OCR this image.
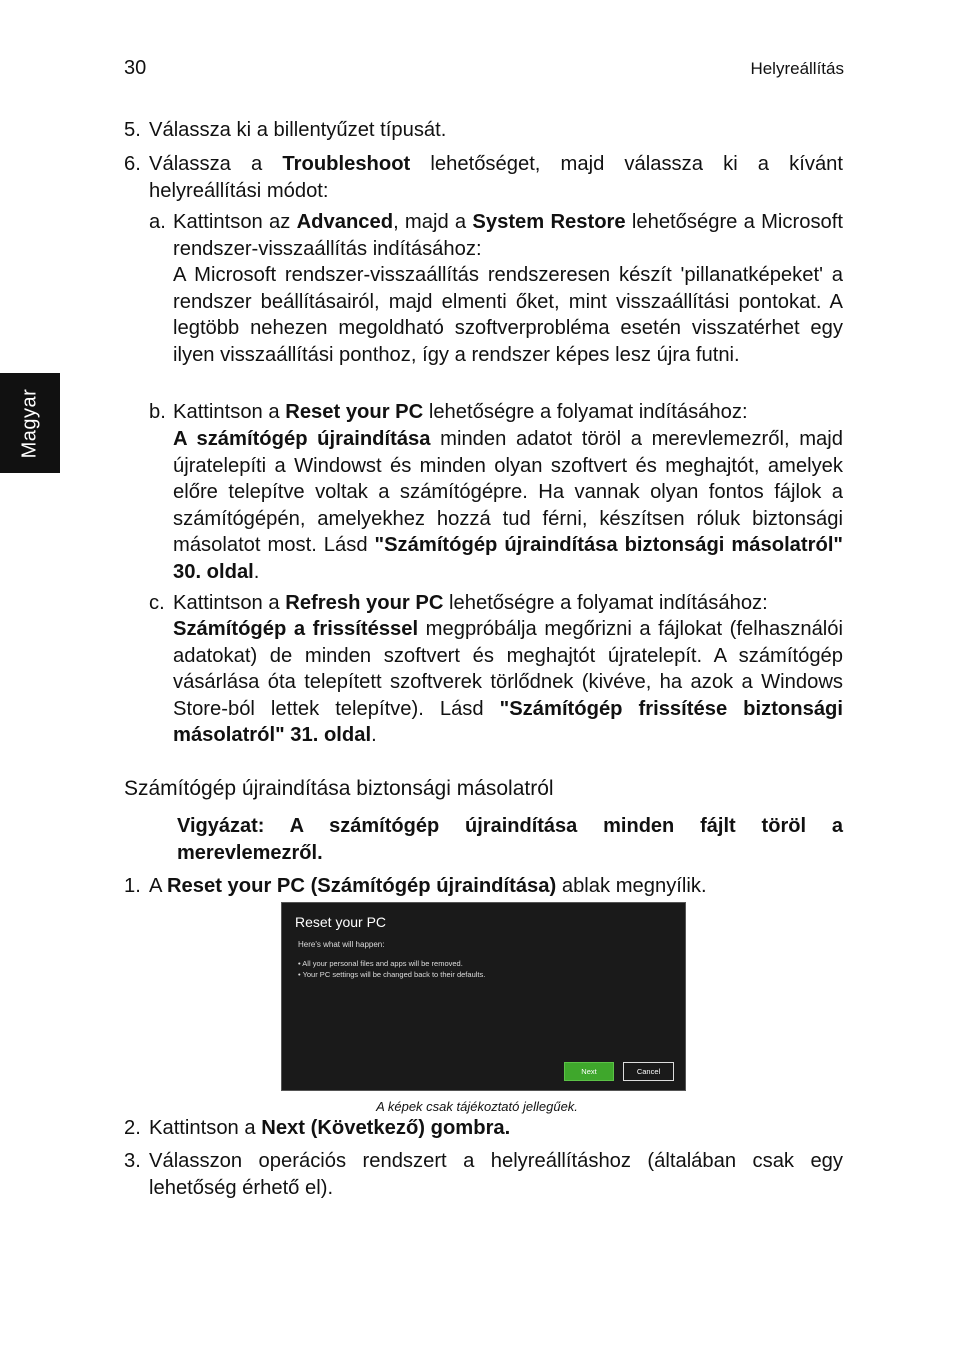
30	Helyreállítás
Magyar
5. Válassza ki a billentyűzet típusát.
6. Válassza a Troubleshoot lehetőséget, majd válassza ki a kívánt helyreállítási módot:
a. Kattintson az Advanced, majd a System Restore lehetőségre a Microsoft rendszer-visszaállítás indításához:
A Microsoft rendszer-visszaállítás rendszeresen készít 'pillanatképeket' a rendszer beállításairól, majd elmenti őket, mint visszaállítási pontokat. A legtöbb nehezen megoldható szoftverprobléma esetén visszatérhet egy ilyen visszaállítási ponthoz, így a rendszer képes lesz újra futni.
b. Kattintson a Reset your PC lehetőségre a folyamat indításához:
A számítógép újraindítása minden adatot töröl a merevlemezről, majd újratelepíti a Windowst és minden olyan szoftvert és meghajtót, amelyek előre telepítve voltak a számítógépre. Ha vannak olyan fontos fájlok a számítógépén, amelyekhez hozzá tud férni, készítsen róluk biztonsági másolatot most. Lásd "Számítógép újraindítása biztonsági másolatról" 30. oldal.
c. Kattintson a Refresh your PC lehetőségre a folyamat indításához:
Számítógép a frissítéssel megpróbálja megőrizni a fájlokat (felhasználói adatokat) de minden szoftvert és meghajtót újratelepít. A számítógép vásárlása óta telepített szoftverek törlődnek (kivéve, ha azok a Windows Store-ból lettek telepítve). Lásd "Számítógép frissítése biztonsági másolatról" 31. oldal.
Számítógép újraindítása biztonsági másolatról
Vigyázat: A számítógép újraindítása minden fájlt töröl a merevlemezről.
1. A Reset your PC (Számítógép újraindítása) ablak megnyílik.
Reset your PC
Here's what will happen:
• All your personal files and apps will be removed.
• Your PC settings will be changed back to their defaults.
Next	Cancel
A képek csak tájékoztató jellegűek.
2. Kattintson a Next (Következő) gombra.
3. Válasszon operációs rendszert a helyreállításhoz (általában csak egy lehetőség érhető el).
